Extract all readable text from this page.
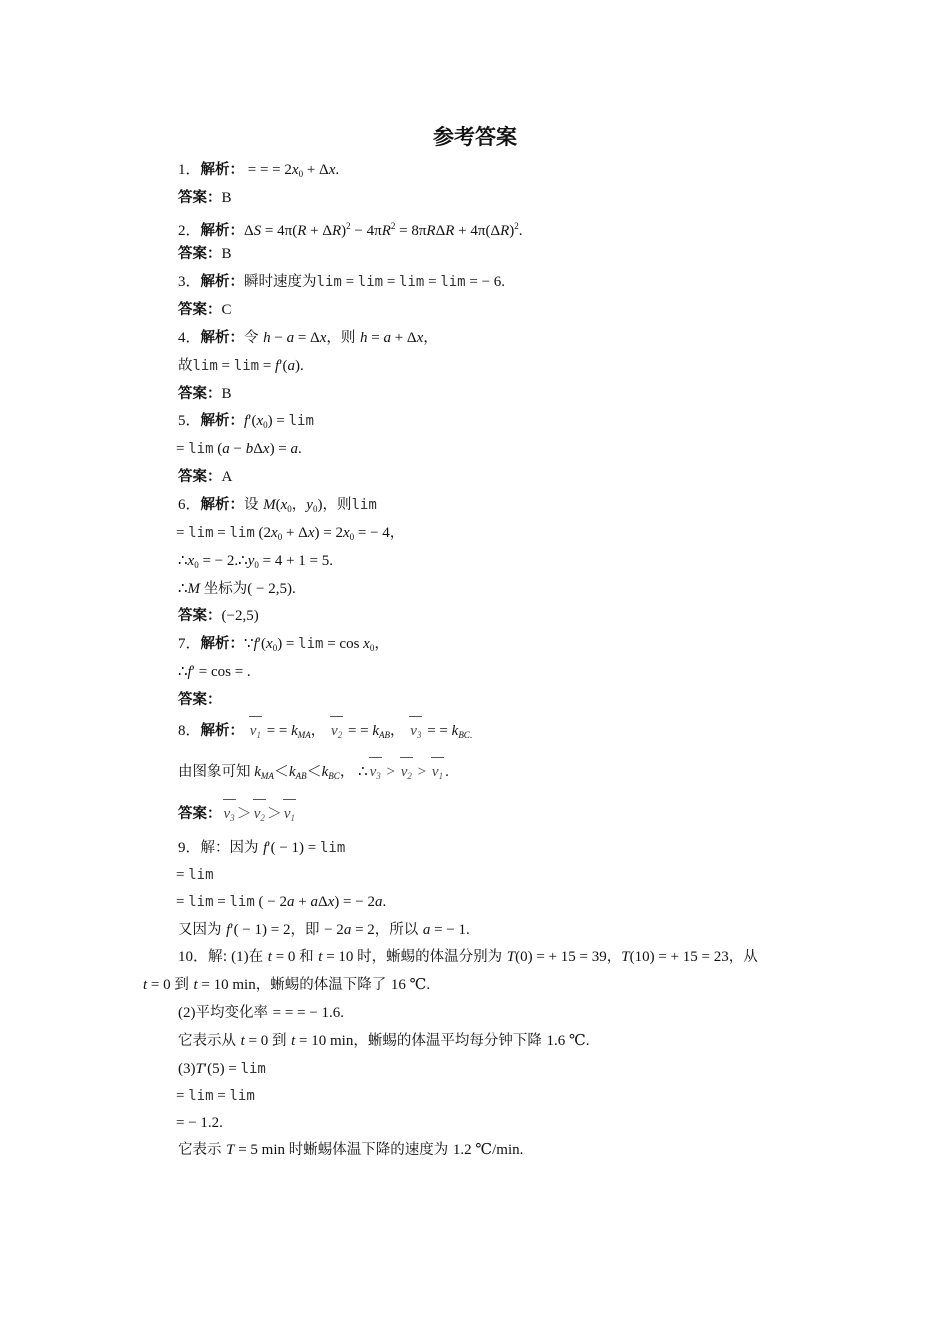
参考答案
1．解析： = = = $2x_0 + \Delta x$.
答案：B
2．解析：$\Delta S = 4\pi(R + \Delta R)^2 - 4\pi R^2 = 8\pi R\Delta R + 4\pi(\Delta R)^2$.
答案：B
3．解析：瞬时速度为lim = lim = lim = lim = − 6.
答案：C
4．解析：令 h − a = Δx，则 h = a + Δx，
故lim = lim = f′(a).
答案：B
5．解析：$f'(x_0) = \lim$
= lim (a − bΔx) = a.
答案：A
6．解析：设 $M(x_0$，$y_0$)，则lim
= $\lim = \lim (2x_0 + \Delta x) = 2x_0$ = − 4，
$\therefore x_0$ = − $2.\therefore y_0 = 4 + 1 = 5$.
∴M 坐标为( − 2,5).
答案：(−2,5)
7．解析：$\because f'(x_0) = \lim = \cos x_0$，
∴f′ = cos = .
答案：
8．解析： $v_1$ = = $k_{MA}$， $v_2$ = = $k_{AB}$， $v_3$ = = $k_{BC.}$
由图象可知 $k_{MA}<k_{AB}<k_{BC}$， ∴ $v_3 > v_2 > v_1$ .
答案： $v_3 > v_2 > v_1$
9．解：因为 f′( − 1) = lim
= lim
= lim = lim ( − 2a + aΔx) = − 2a.
又因为 f′( − 1) = 2，即 − 2a = 2，所以 a = − 1.
10．解: (1)在 t = 0 和 t = 10 时，蜥蜴的体温分别为 T(0) = + 15 = 39，T(10) = + 15 = 23，从
t = 0 到 t = 10 min，蜥蜴的体温下降了 16 ℃.
(2)平均变化率 = = = − 1.6.
它表示从 t = 0 到 t = 10 min，蜥蜴的体温平均每分钟下降 1.6 ℃.
(3)T′(5) = lim
= lim = lim
= − 1.2.
它表示 T = 5 min 时蜥蜴体温下降的速度为 1.2 ℃/min.
